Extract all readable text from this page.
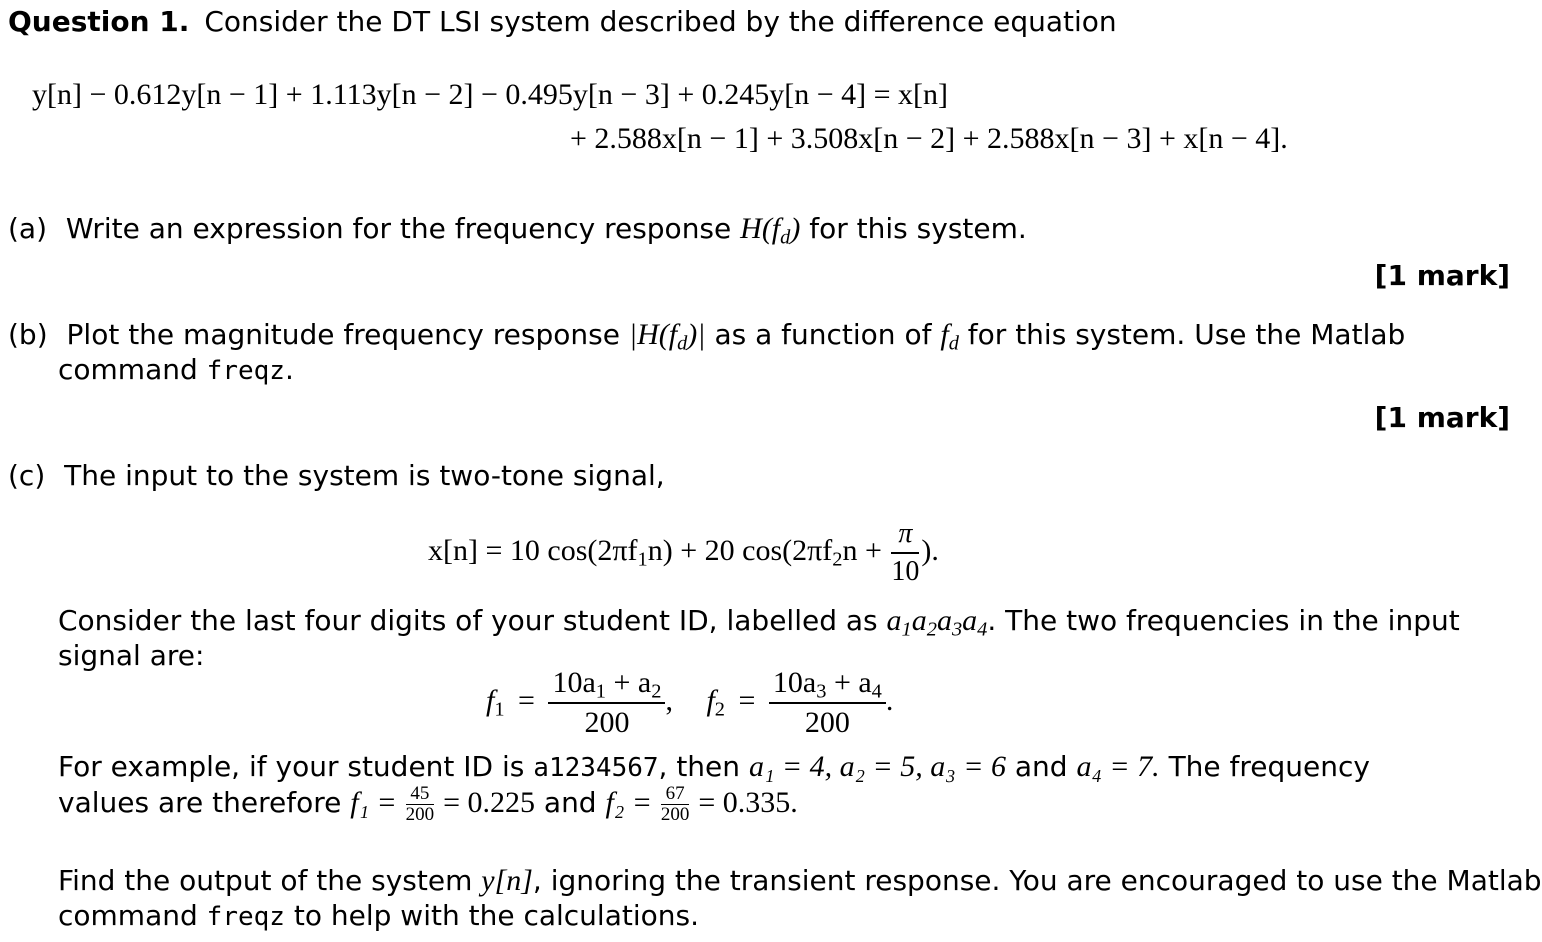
Question 1. Consider the DT LSI system described by the difference equation
y[n] − 0.612y[n − 1] + 1.113y[n − 2] − 0.495y[n − 3] + 0.245y[n − 4] = x[n]
+ 2.588x[n − 1] + 3.508x[n − 2] + 2.588x[n − 3] + x[n − 4].
(a) Write an expression for the frequency response $H(f_d)$ for this system.
[1 mark]
(b) Plot the magnitude frequency response $|H(f_d)|$ as a function of $f_d$ for this system. Use the Matlab
command freqz.
[1 mark]
(c) The input to the system is two-tone signal,
x[n] = 10 $\cos(2\pi f_1n) + 20$ $\cos(2\pi f_2n + \frac{\pi}{10}$ ).
Consider the last four digits of your student ID, labelled as $a_1a_2a_3a_4$. The two frequencies in the input
signal are:
$f_1 = \frac{10a_1 + a_2}{200}$ , $f_2 = \frac{10a_3 + a_4}{200}$ .
For example, if your student ID is a1234567, then a₁ = 4, a₂ = 5, a₃ = 6 and a₄ = 7. The frequency
values are therefore $f_1 = \frac{45}{200} = 0.225$ and $f_2 = \frac{67}{200} = 0.335$.
Find the output of the system y[n], ignoring the transient response. You are encouraged to use the Matlab
command freqz to help with the calculations.
